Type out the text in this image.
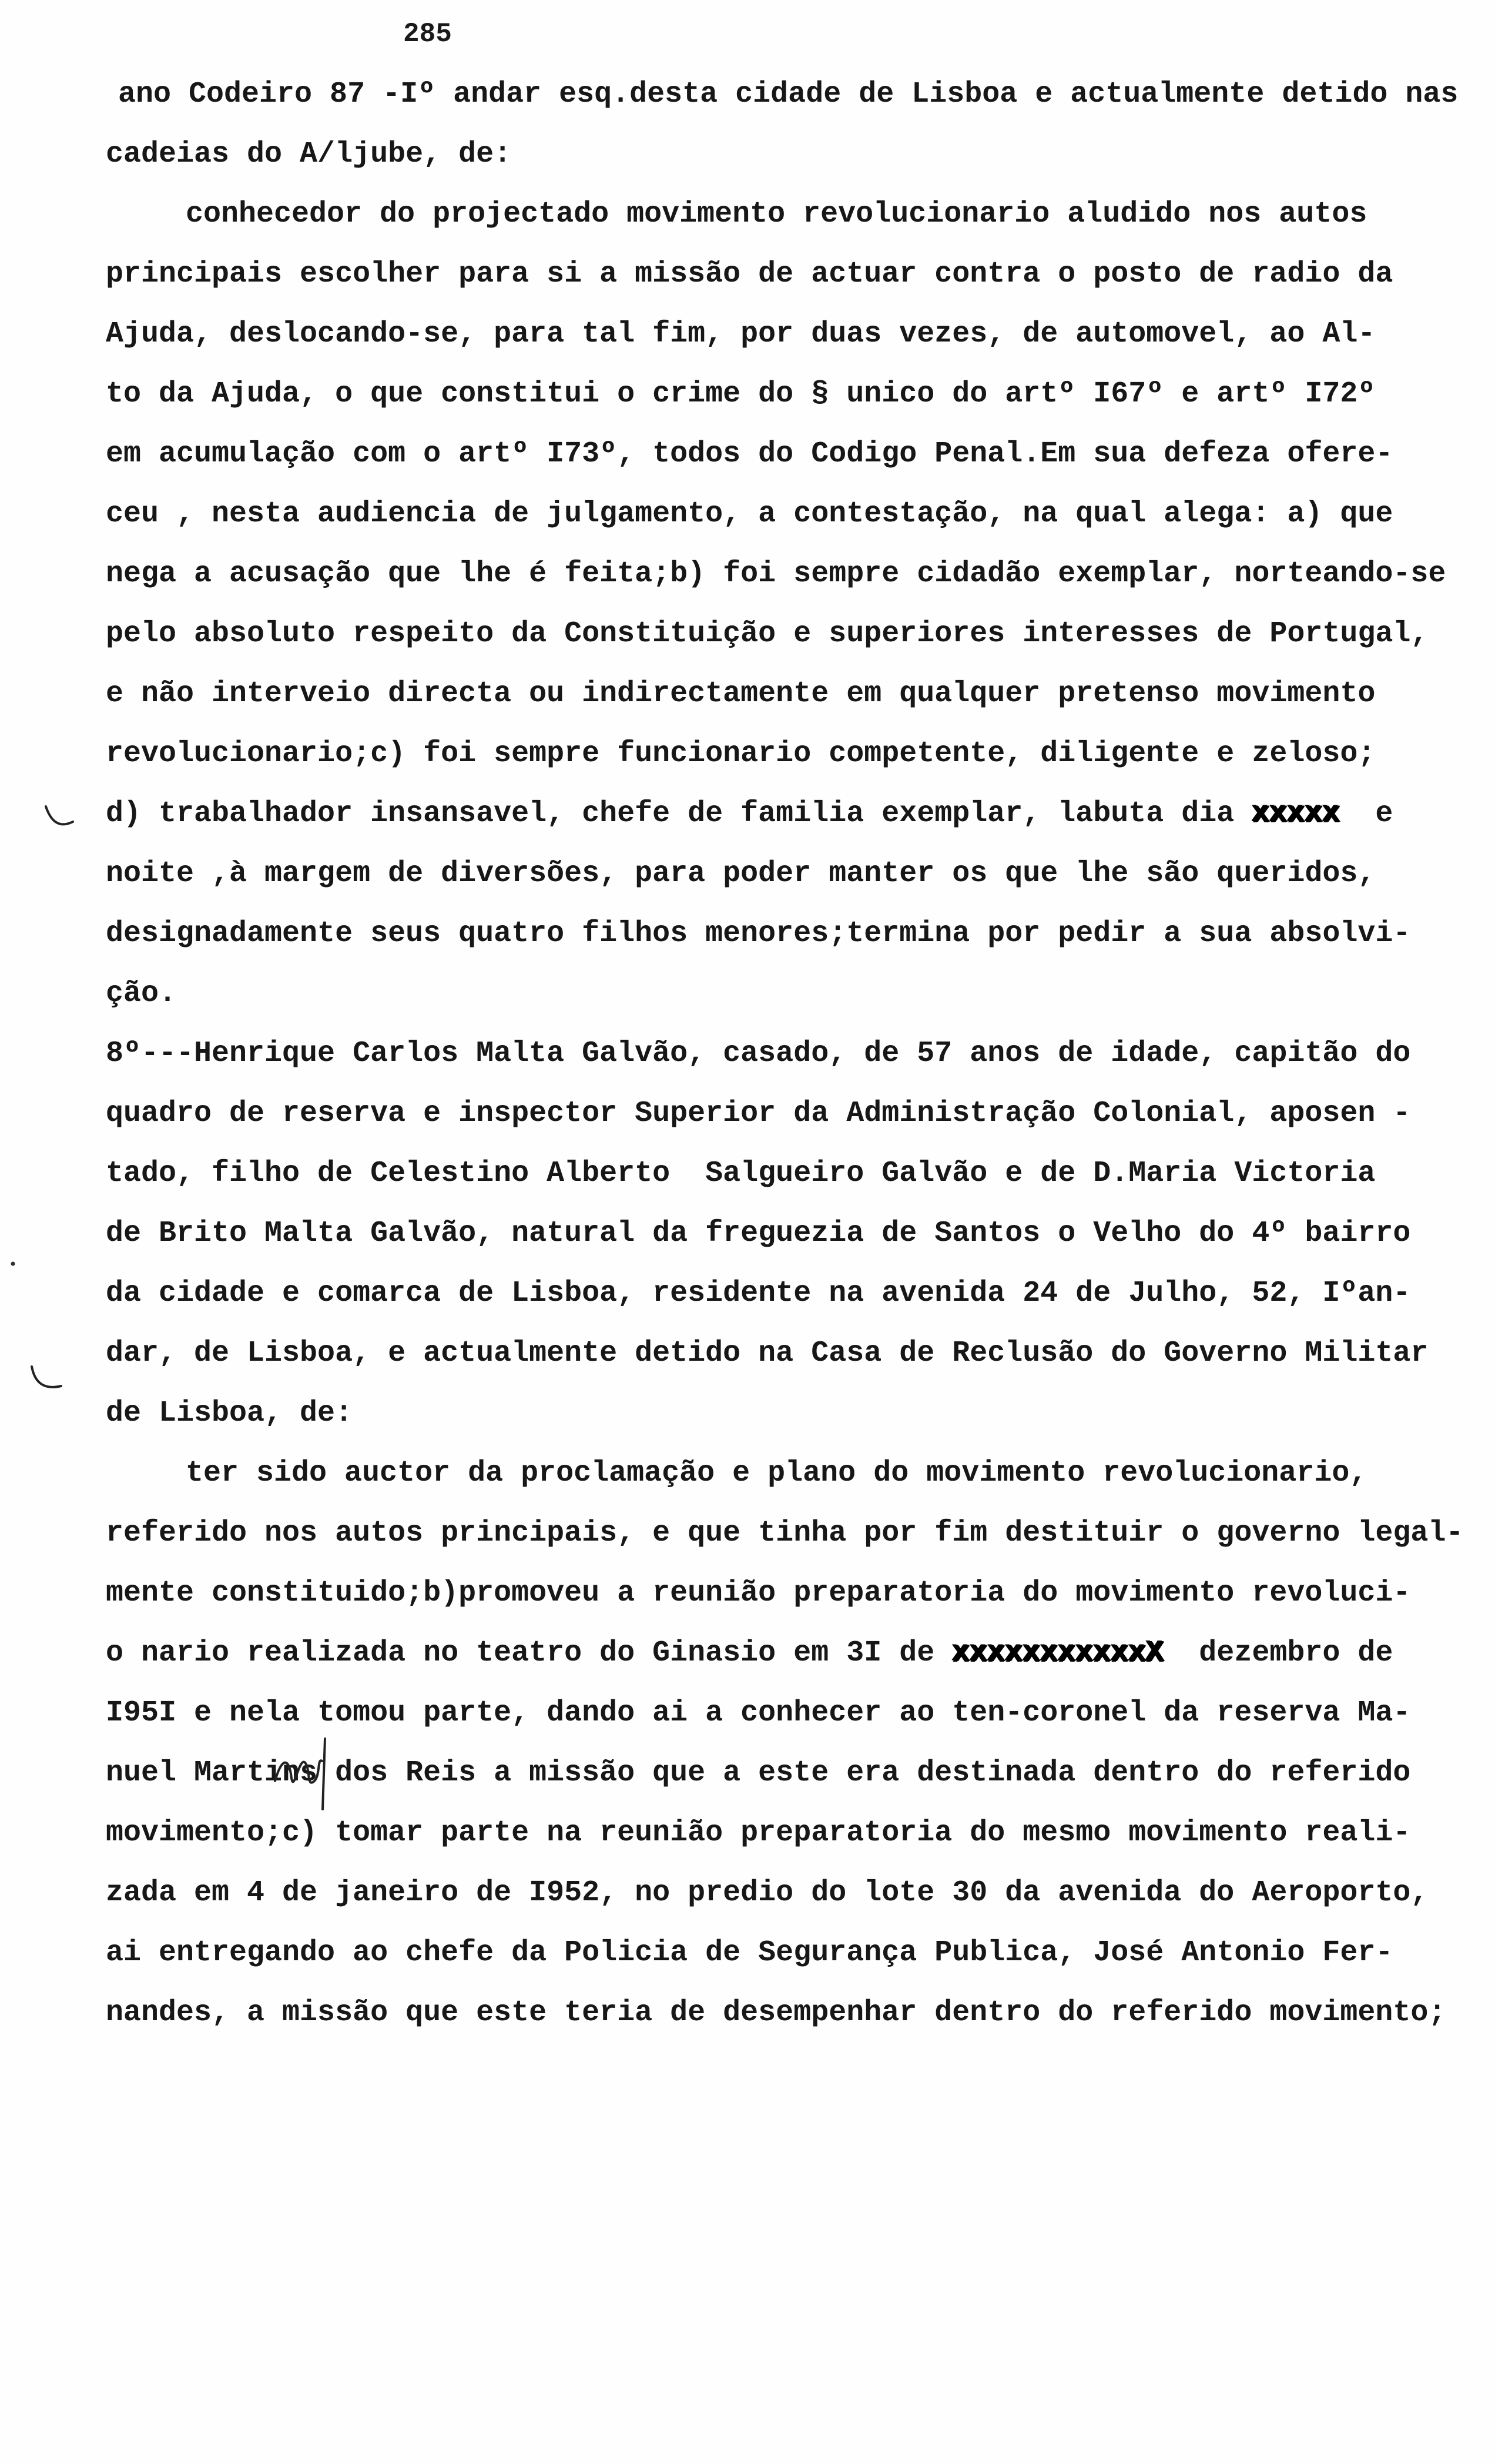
285
ano Codeiro 87 -Iº andar esq.desta cidade de Lisboa e actualmente detido nas
cadeias do A/ljube, de:
conhecedor do projectado movimento revolucionario aludido nos autos
principais escolher para si a missão de actuar contra o posto de radio da
Ajuda, deslocando-se, para tal fim, por duas vezes, de automovel, ao Al-
to da Ajuda, o que constitui o crime do § unico do artº I67º e artº I72º
em acumulação com o artº I73º, todos do Codigo Penal.Em sua defeza ofere-
ceu , nesta audiencia de julgamento, a contestação, na qual alega: a) que
nega a acusação que lhe é feita;b) foi sempre cidadão exemplar, norteando-se
pelo absoluto respeito da Constituição e superiores interesses de Portugal,
e não interveio directa ou indirectamente em qualquer pretenso movimento
revolucionario;c) foi sempre funcionario competente, diligente e zeloso;
d) trabalhador insansavel, chefe de familia exemplar, labuta dia xxxxx  e
noite ,à margem de diversões, para poder manter os que lhe são queridos,
designadamente seus quatro filhos menores;termina por pedir a sua absolvi-
ção.
8º---Henrique Carlos Malta Galvão, casado, de 57 anos de idade, capitão do
quadro de reserva e inspector Superior da Administração Colonial, aposen -
tado, filho de Celestino Alberto  Salgueiro Galvão e de D.Maria Victoria
de Brito Malta Galvão, natural da freguezia de Santos o Velho do 4º bairro
da cidade e comarca de Lisboa, residente na avenida 24 de Julho, 52, Iºan-
dar, de Lisboa, e actualmente detido na Casa de Reclusão do Governo Militar
de Lisboa, de:
ter sido auctor da proclamação e plano do movimento revolucionario,
referido nos autos principais, e que tinha por fim destituir o governo legal-
mente constituido;b)promoveu a reunião preparatoria do movimento revoluci-
o nario realizada no teatro do Ginasio em 3I de xxxxxxxxxxxX  dezembro de
I95I e nela tomou parte, dando ai a conhecer ao ten-coronel da reserva Ma-
nuel Martins dos Reis a missão que a este era destinada dentro do referido
movimento;c) tomar parte na reunião preparatoria do mesmo movimento reali-
zada em 4 de janeiro de I952, no predio do lote 30 da avenida do Aeroporto,
ai entregando ao chefe da Policia de Segurança Publica, José Antonio Fer-
nandes, a missão que este teria de desempenhar dentro do referido movimento;
